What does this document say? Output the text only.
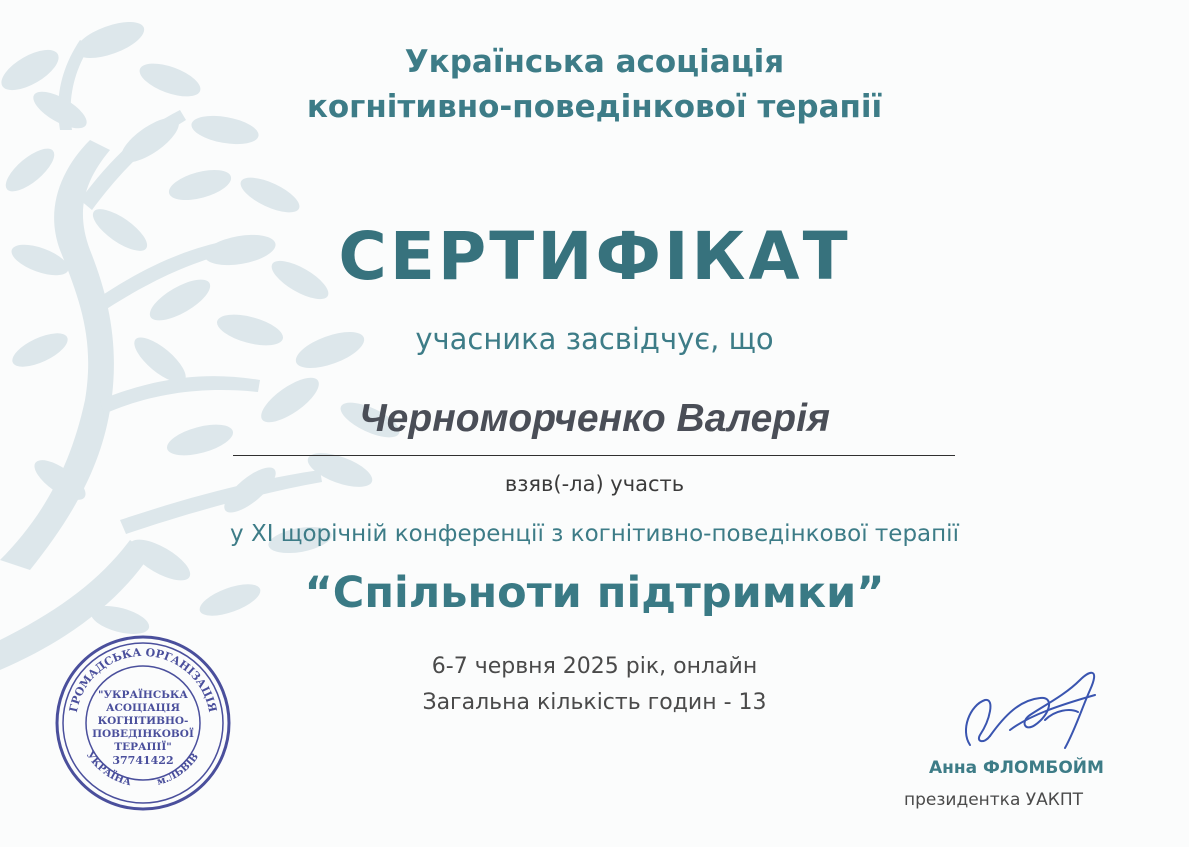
Українська асоціація
когнітивно-поведінкової терапії
СЕРТИФІКАТ
учасника засвідчує, що
Черноморченко Валерія
взяв(-ла) участь
у XI щорічній конференції з когнітивно-поведінкової терапії
“Спільноти підтримки”
6-7 червня 2025 рік, онлайн
Загальна кількість годин - 13
ГРОМАДСЬКА ОРГАНІЗАЦІЯ
УКРАЇНА м.ЛЬВІВ
"УКРАЇНСЬКА
АСОЦІАЦІЯ
КОГНІТИВНО-
ПОВЕДІНКОВОЇ
ТЕРАПІЇ"
37741422	Анна ФЛОМБОЙМ
президентка УАКПТ
